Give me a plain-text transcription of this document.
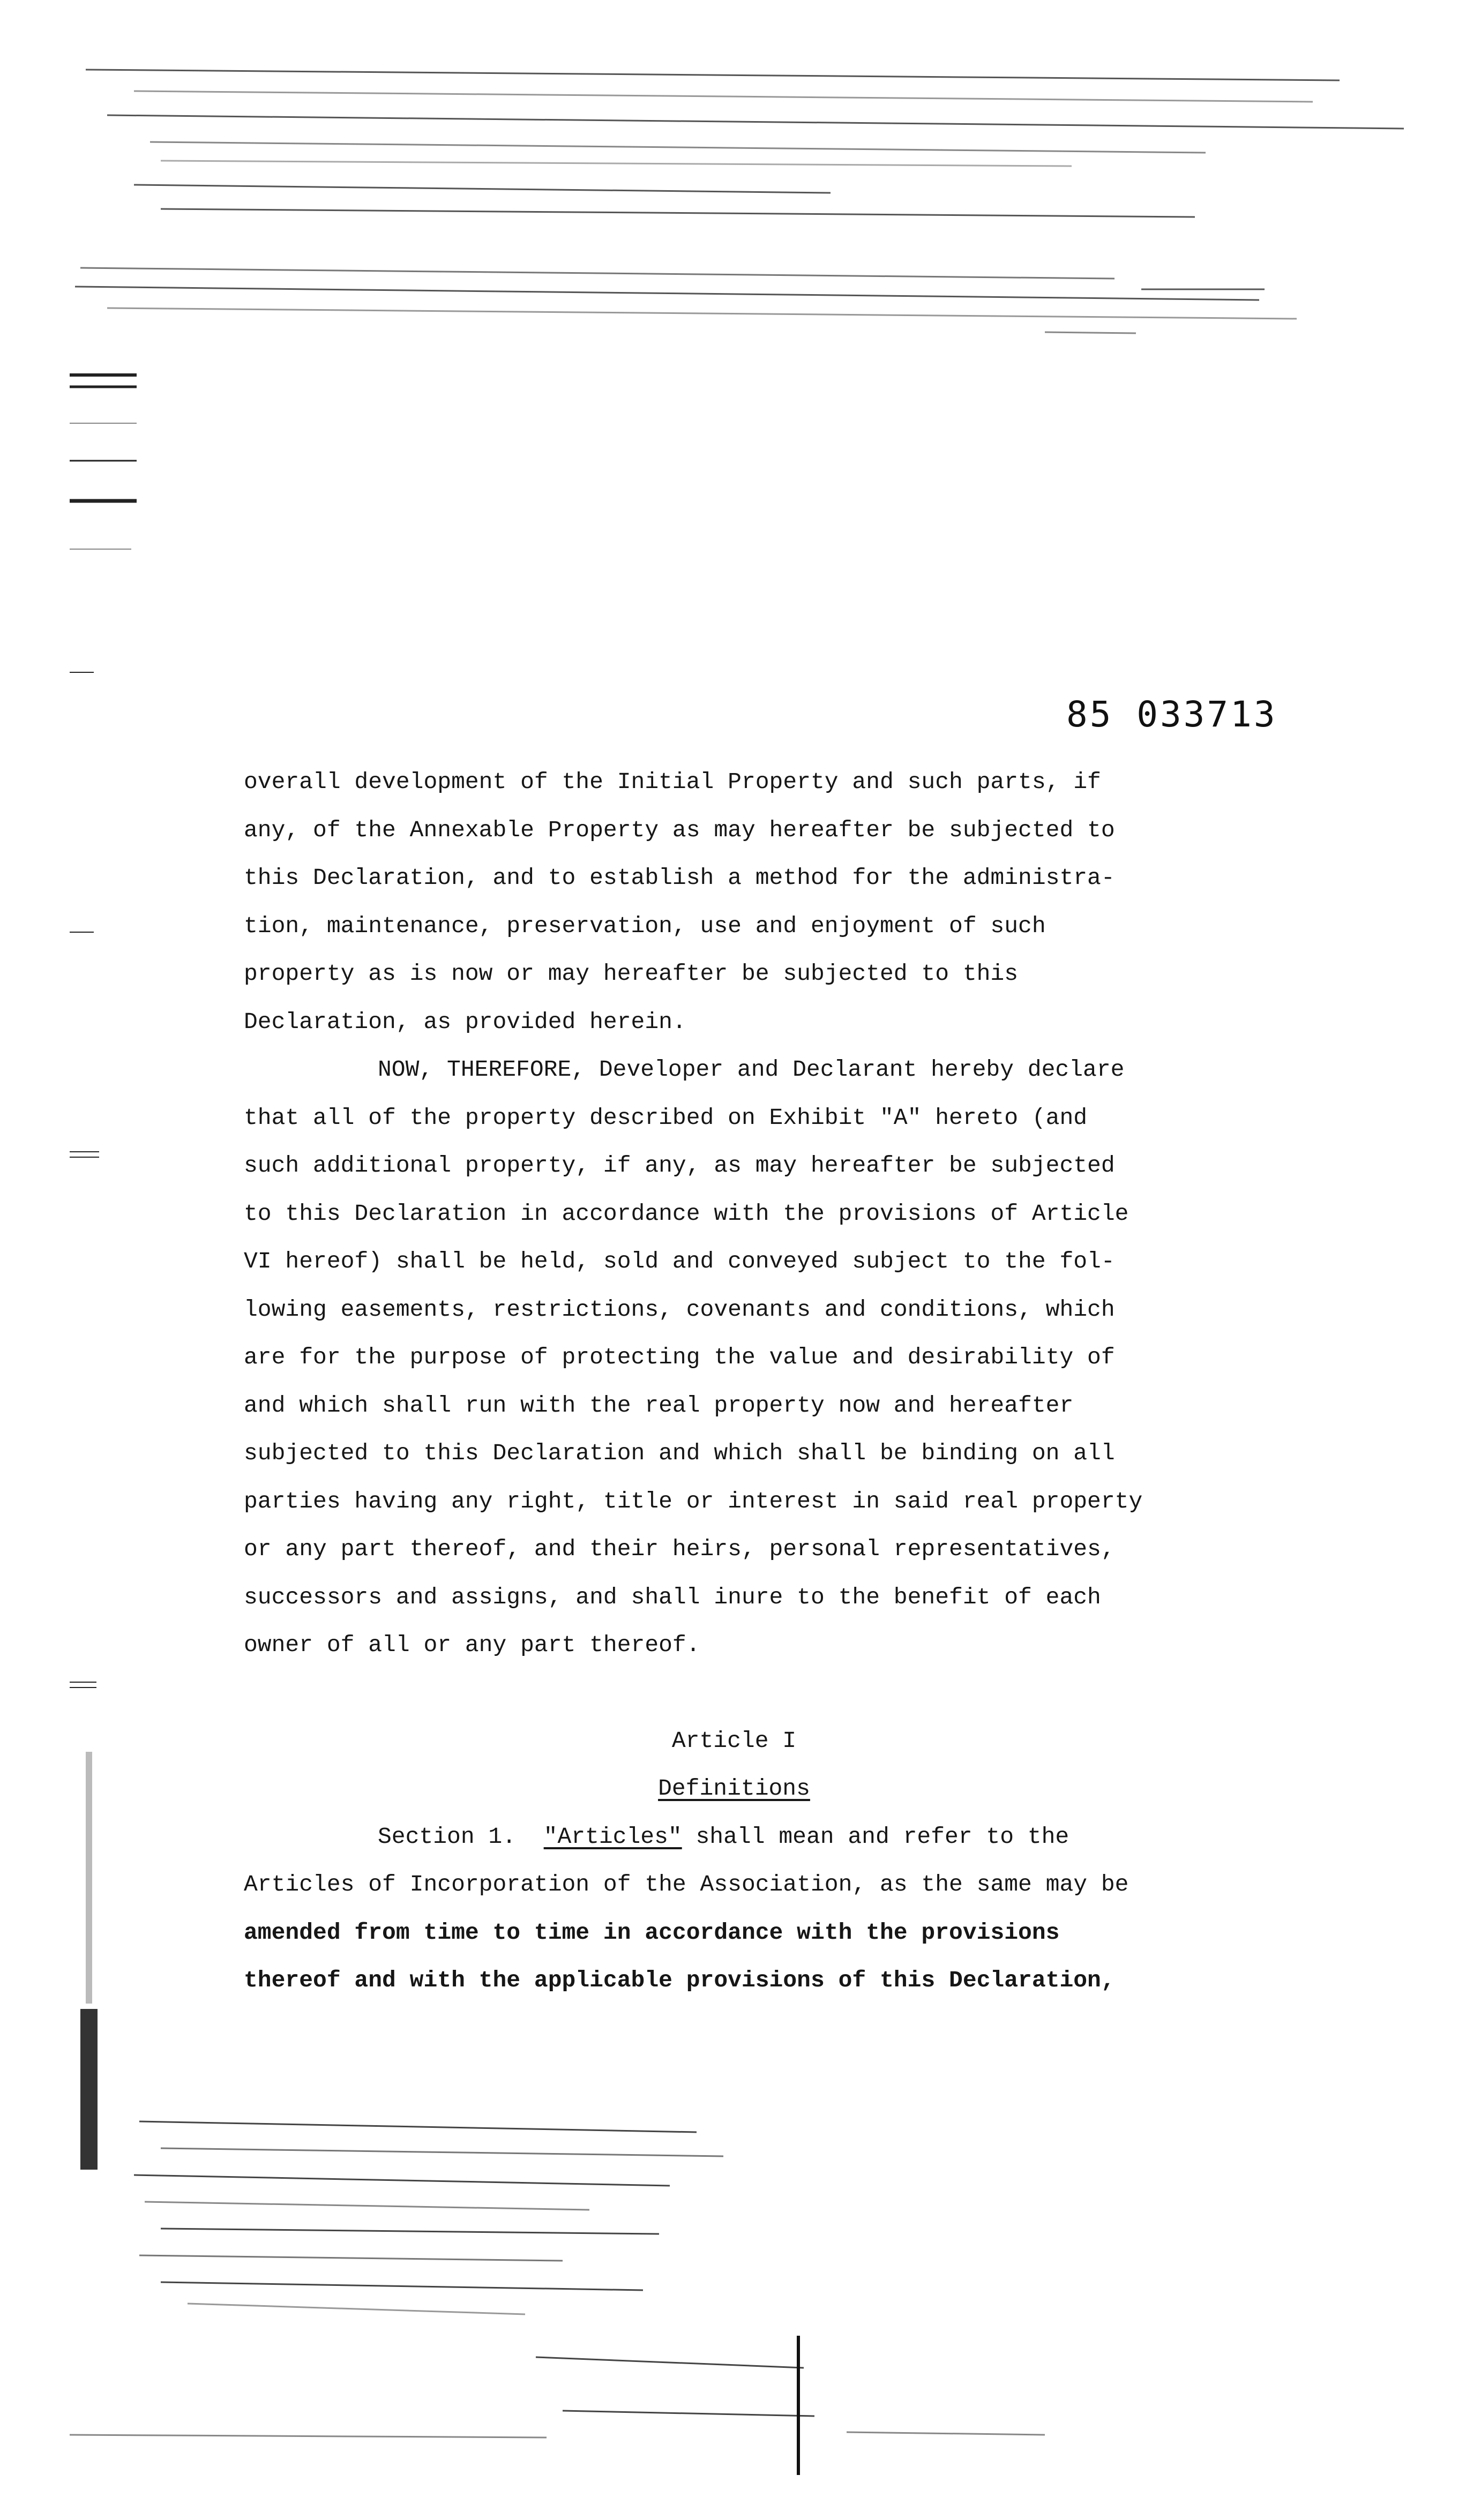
85 033713
overall development of the Initial Property and such parts, if
any, of the Annexable Property as may hereafter be subjected to
this Declaration, and to establish a method for the administra-
tion, maintenance, preservation, use and enjoyment of such
property as is now or may hereafter be subjected to this
Declaration, as provided herein.
NOW, THEREFORE, Developer and Declarant hereby declare
that all of the property described on Exhibit "A" hereto (and
such additional property, if any, as may hereafter be subjected
to this Declaration in accordance with the provisions of Article
VI hereof) shall be held, sold and conveyed subject to the fol-
lowing easements, restrictions, covenants and conditions, which
are for the purpose of protecting the value and desirability of
and which shall run with the real property now and hereafter
subjected to this Declaration and which shall be binding on all
parties having any right, title or interest in said real property
or any part thereof, and their heirs, personal representatives,
successors and assigns, and shall inure to the benefit of each
owner of all or any part thereof.
Article I
Definitions
Section 1.  "Articles" shall mean and refer to the
Articles of Incorporation of the Association, as the same may be
amended from time to time in accordance with the provisions
thereof and with the applicable provisions of this Declaration,
